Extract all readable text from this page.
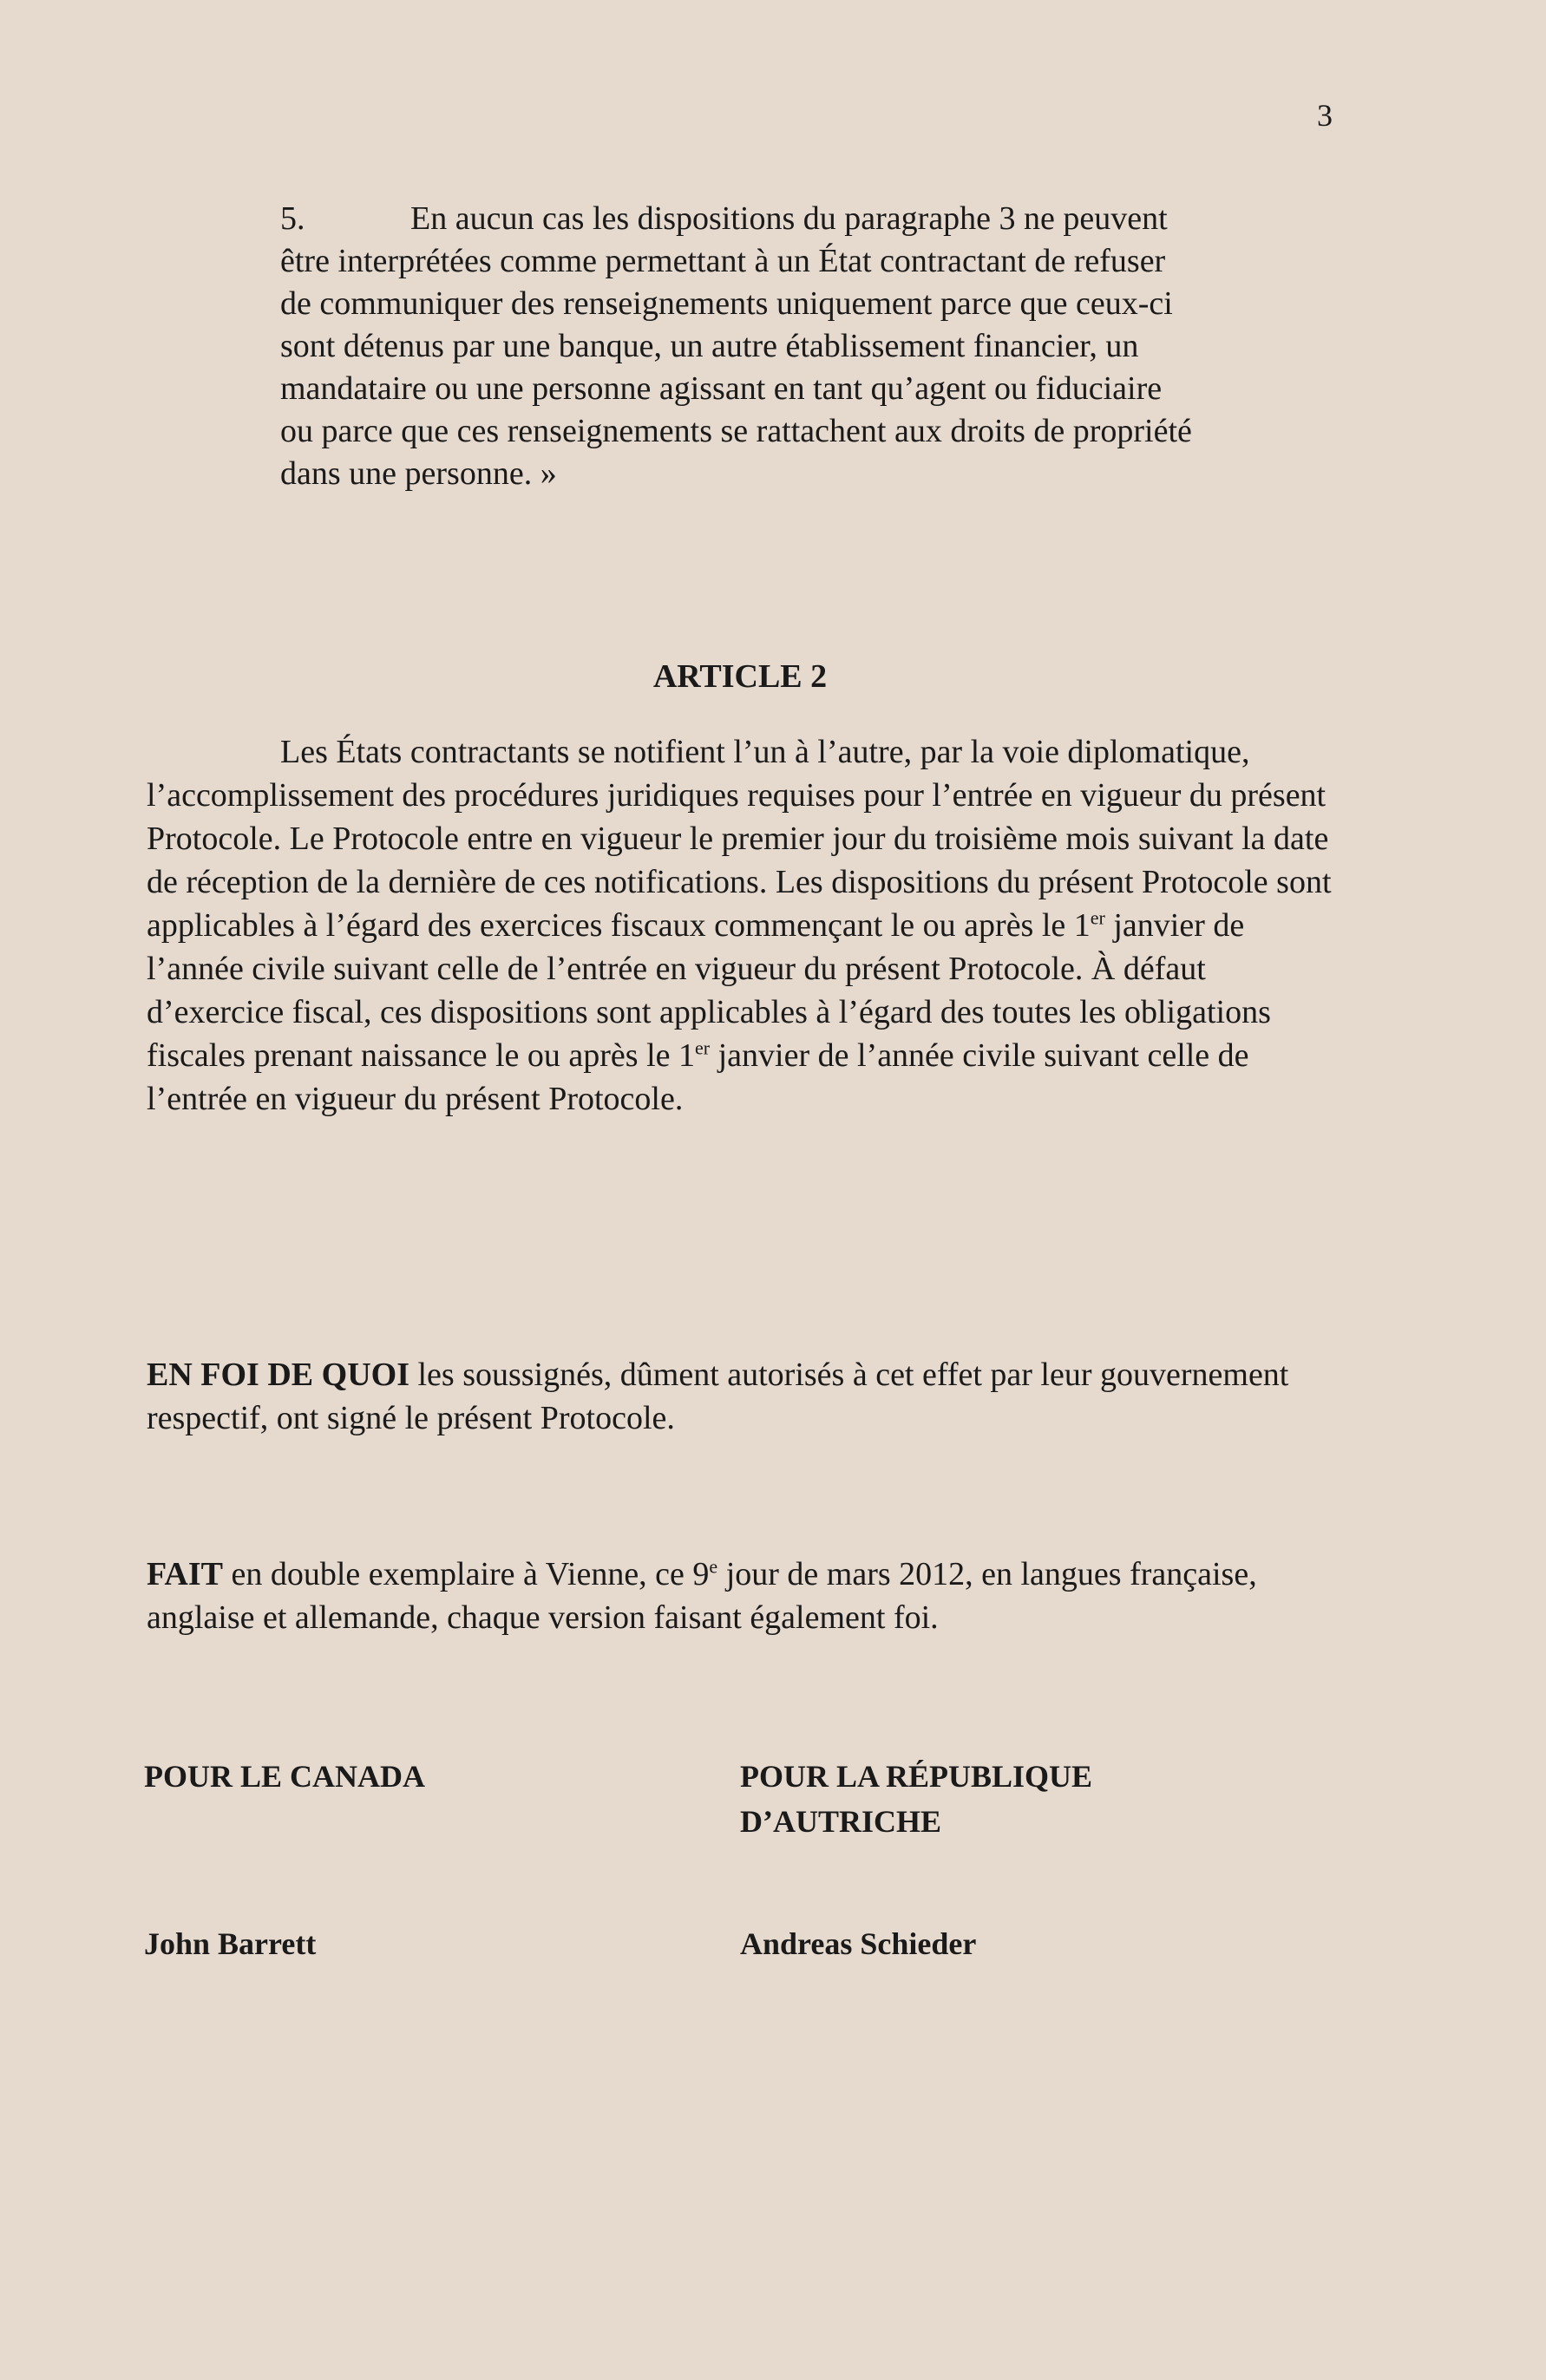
3
5.	En aucun cas les dispositions du paragraphe 3 ne peuvent être interprétées comme permettant à un État contractant de refuser de communiquer des renseignements uniquement parce que ceux-ci sont détenus par une banque, un autre établissement financier, un mandataire ou une personne agissant en tant qu’agent ou fiduciaire ou parce que ces renseignements se rattachent aux droits de propriété dans une personne. »
ARTICLE 2
Les États contractants se notifient l’un à l’autre, par la voie diplomatique, l’accomplissement des procédures juridiques requises pour l’entrée en vigueur du présent Protocole. Le Protocole entre en vigueur le premier jour du troisième mois suivant la date de réception de la dernière de ces notifications. Les dispositions du présent Protocole sont applicables à l’égard des exercices fiscaux commençant le ou après le 1er janvier de l’année civile suivant celle de l’entrée en vigueur du présent Protocole. À défaut d’exercice fiscal, ces dispositions sont applicables à l’égard des toutes les obligations fiscales prenant naissance le ou après le 1er janvier de l’année civile suivant celle de l’entrée en vigueur du présent Protocole.
EN FOI DE QUOI les soussignés, dûment autorisés à cet effet par leur gouvernement respectif, ont signé le présent Protocole.
FAIT en double exemplaire à Vienne, ce 9e jour de mars 2012, en langues française, anglaise et allemande, chaque version faisant également foi.
POUR LE CANADA	POUR LA RÉPUBLIQUE
D’AUTRICHE
John Barrett	Andreas Schieder
